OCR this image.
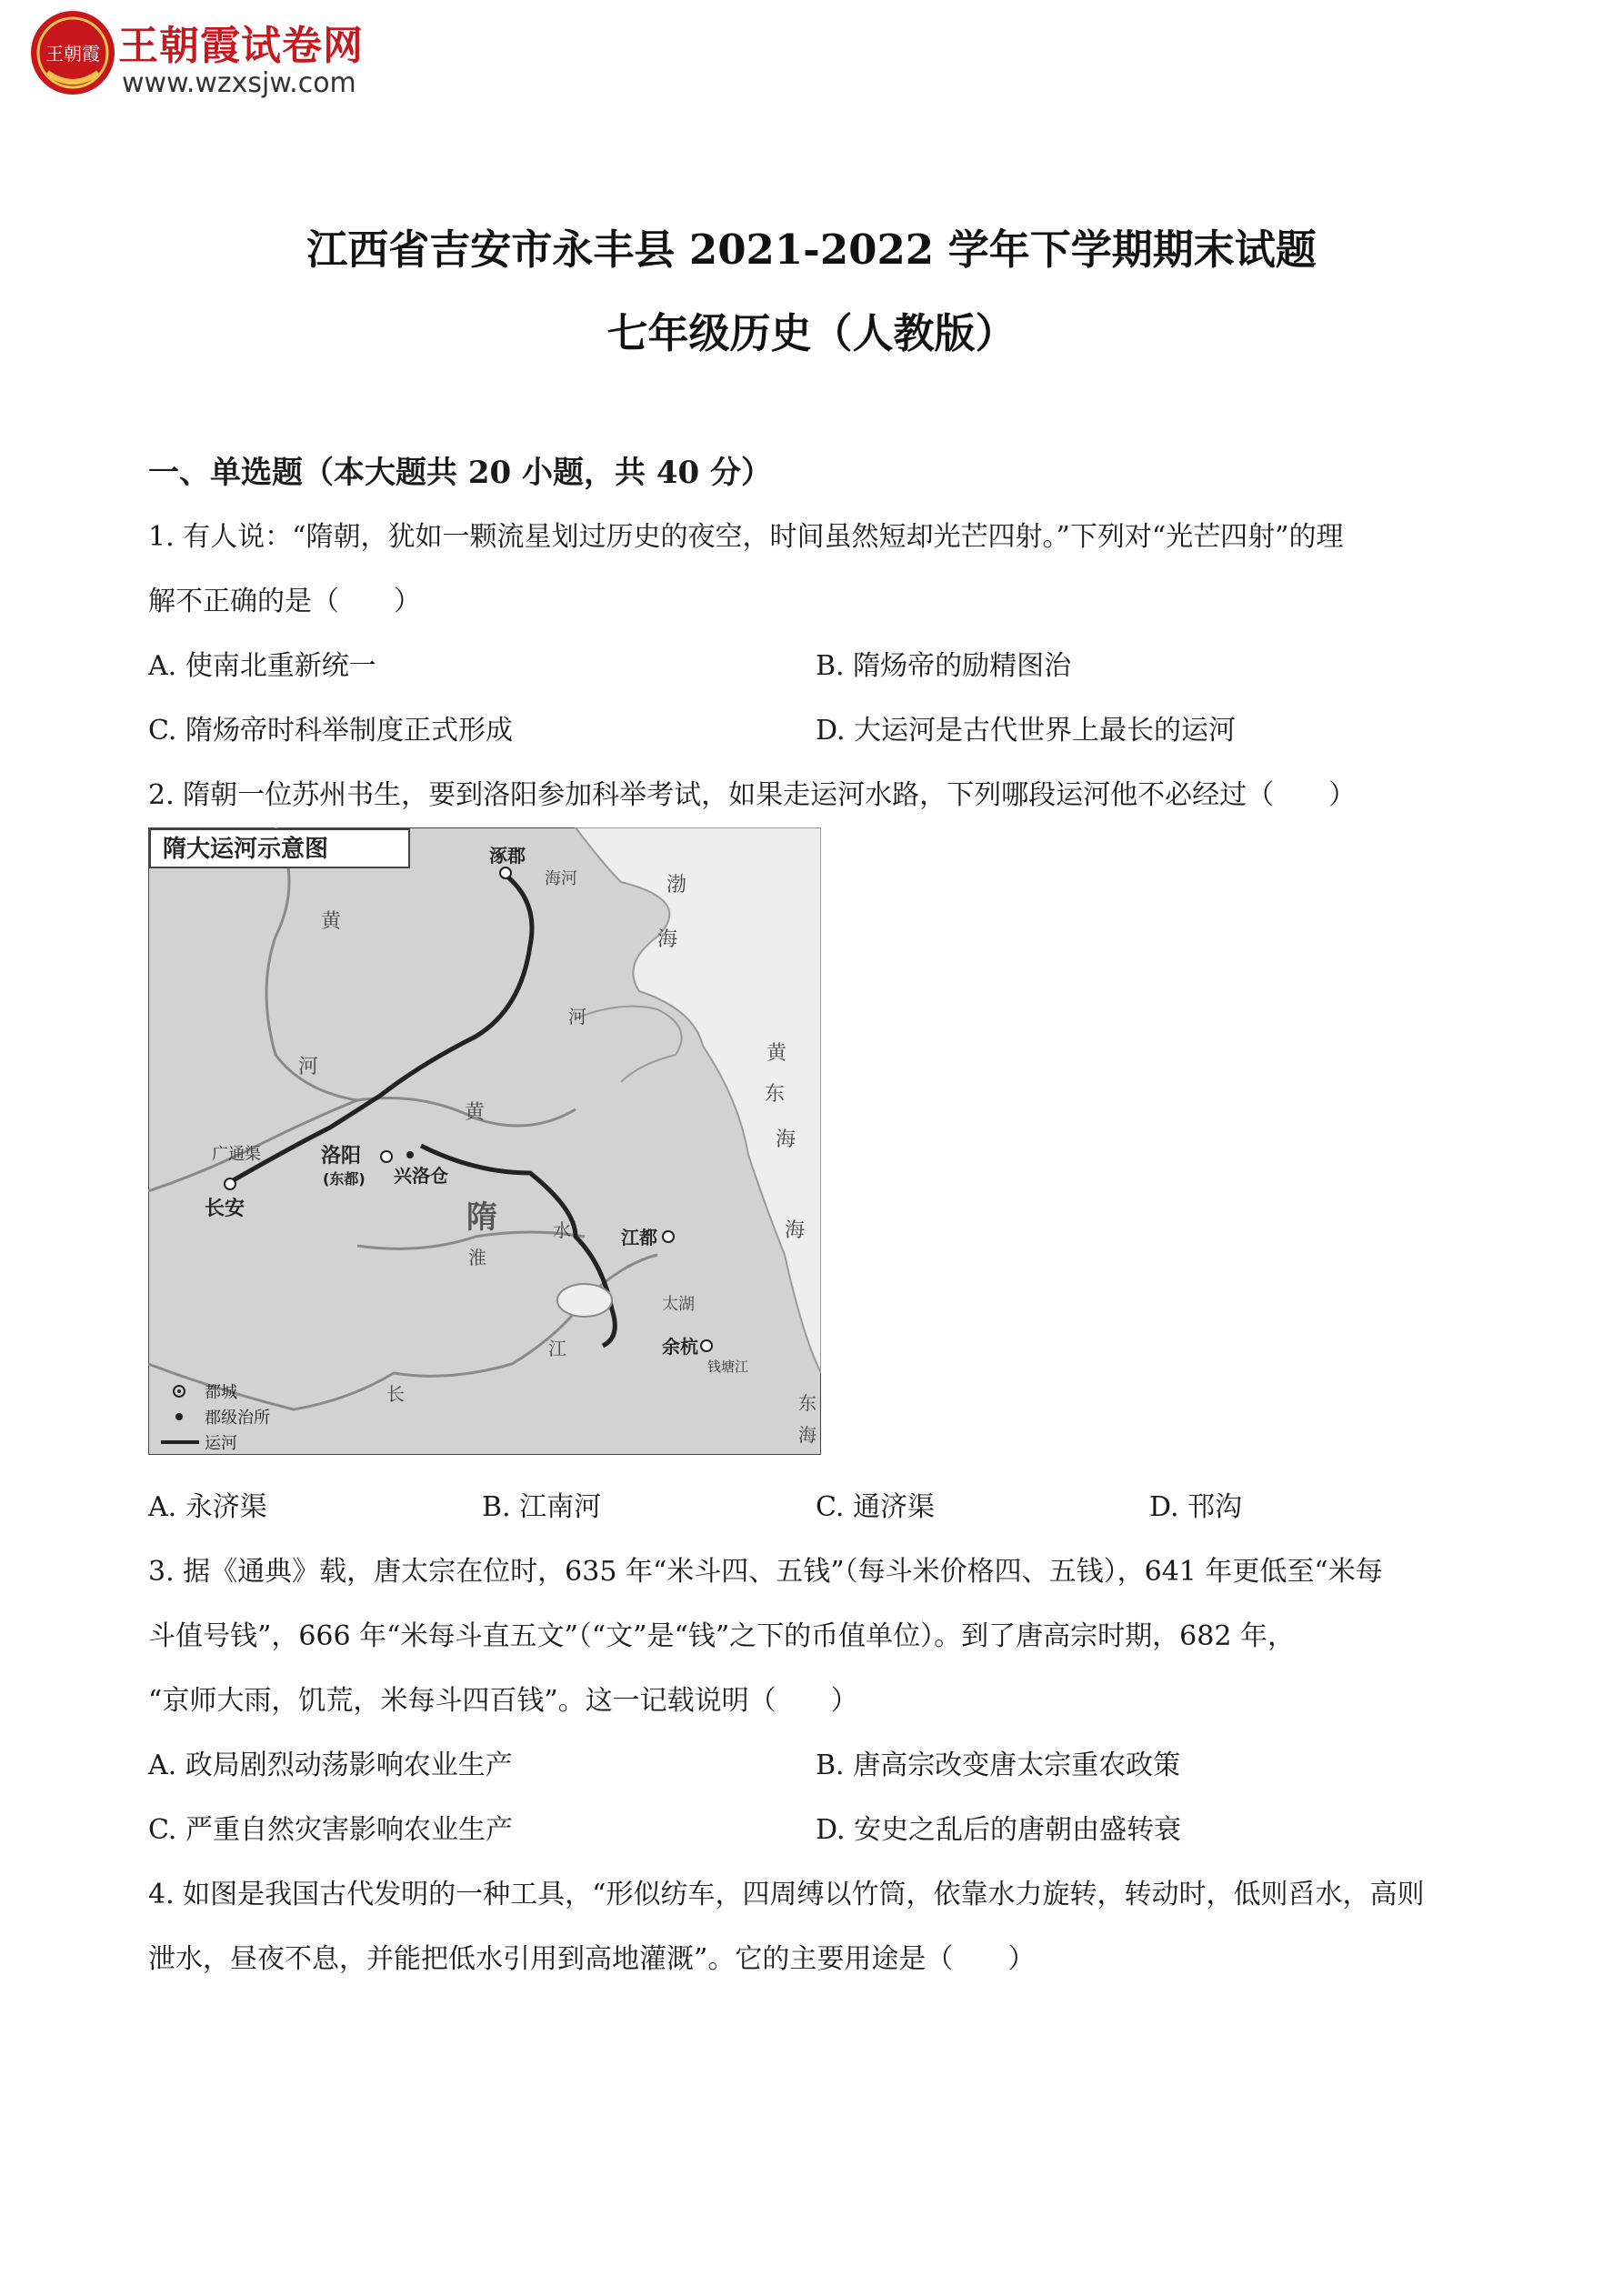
王朝霞 王朝霞试卷网
www.wzxsjw.com
江西省吉安市永丰县 2021-2022 学年下学期期末试题
七年级历史（人教版）
一、单选题（本大题共 20 小题，共 40 分）
1. 有人说：“隋朝，犹如一颗流星划过历史的夜空，时间虽然短却光芒四射。”下列对“光芒四射”的理
解不正确的是（　　）
A. 使南北重新统一	B. 隋炀帝的励精图治
C. 隋炀帝时科举制度正式形成	D. 大运河是古代世界上最长的运河
2. 隋朝一位苏州书生，要到洛阳参加科举考试，如果走运河水路，下列哪段运河他不必经过（　　）
隋大运河示意图	涿郡
海河	渤
海
黄
河
河
黄
黄
东
海
海
广通渠	洛阳
(东都) 兴洛仓
长安	隋	水
淮
江都
太湖
余杭
钱塘江
江
长	东
海
都城
郡级治所
运河
A. 永济渠	B. 江南河	C. 通济渠	D. 邗沟
3. 据《通典》载，唐太宗在位时，635 年“米斗四、五钱”（每斗米价格四、五钱），641 年更低至“米每
斗值号钱”，666 年“米每斗直五文”（“文”是“钱”之下的币值单位）。到了唐高宗时期，682 年，
“京师大雨，饥荒，米每斗四百钱”。这一记载说明（　　）
A. 政局剧烈动荡影响农业生产	B. 唐高宗改变唐太宗重农政策
C. 严重自然灾害影响农业生产	D. 安史之乱后的唐朝由盛转衰
4. 如图是我国古代发明的一种工具，“形似纺车，四周缚以竹筒，依靠水力旋转，转动时，低则舀水，高则
泄水，昼夜不息，并能把低水引用到高地灌溉”。它的主要用途是（　　）
